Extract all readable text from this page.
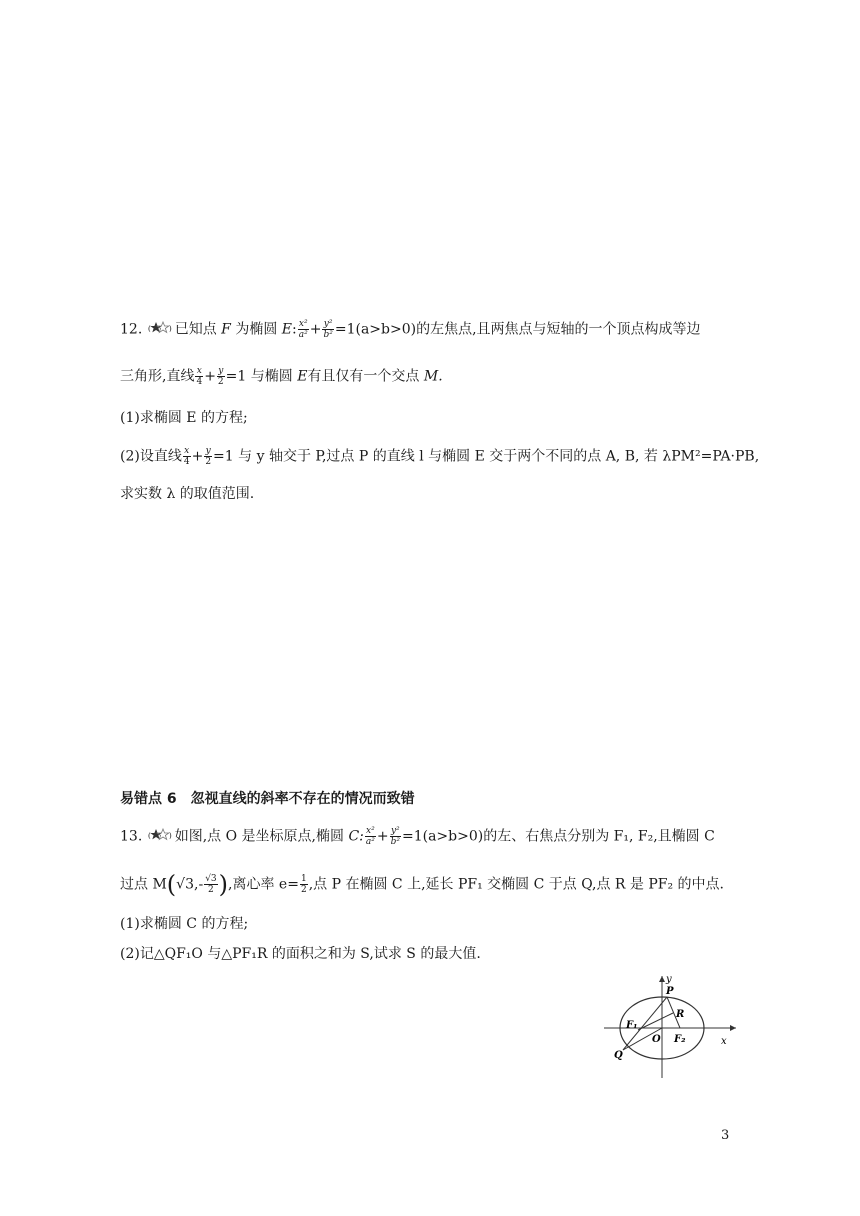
12. (	) 已知点 F 为椭圆 E: $\frac{\text{x²}}{\text{a²}} + \frac{\text{y²}}{\text{b²}} =1(a>b>0)$的左焦点,且两焦点与短轴的一个顶点构成等边
三角形,直线 $\frac{x}{4} + \frac{y}{2} =1$ 与椭圆 E有且仅有一个交点 M.
(1)求椭圆 E 的方程;
(2)设直线 $\frac{x}{4} + \frac{y}{2} =1$ 与 y 轴交于 P,过点 P 的直线 l 与椭圆 E 交于两个不同的点 A, B, 若 λPM²=PA·PB,
求实数 λ 的取值范围.
易错点 6　忽视直线的斜率不存在的情况而致错
13. (	) 如图,点 O 是坐标原点,椭圆 C: $\frac{\text{x²}}{\text{a²}} + \frac{\text{y²}}{\text{b²}} =1(a>b>0)$的左、右焦点分别为 F₁, F₂,且椭圆 C
过点 $M(√3,- \frac{√3}{2}$ ),离心率 $e= \frac{1}{2}$ ,点 P 在椭圆 C 上,延长 PF₁ 交椭圆 C 于点 Q,点 R 是 PF₂ 的中点.
(1)求椭圆 C 的方程;
(2)记△QF₁O 与△PF₁R 的面积之和为 S,试求 S 的最大值.
y
x
P
R
F₁
O F₂
Q
3
